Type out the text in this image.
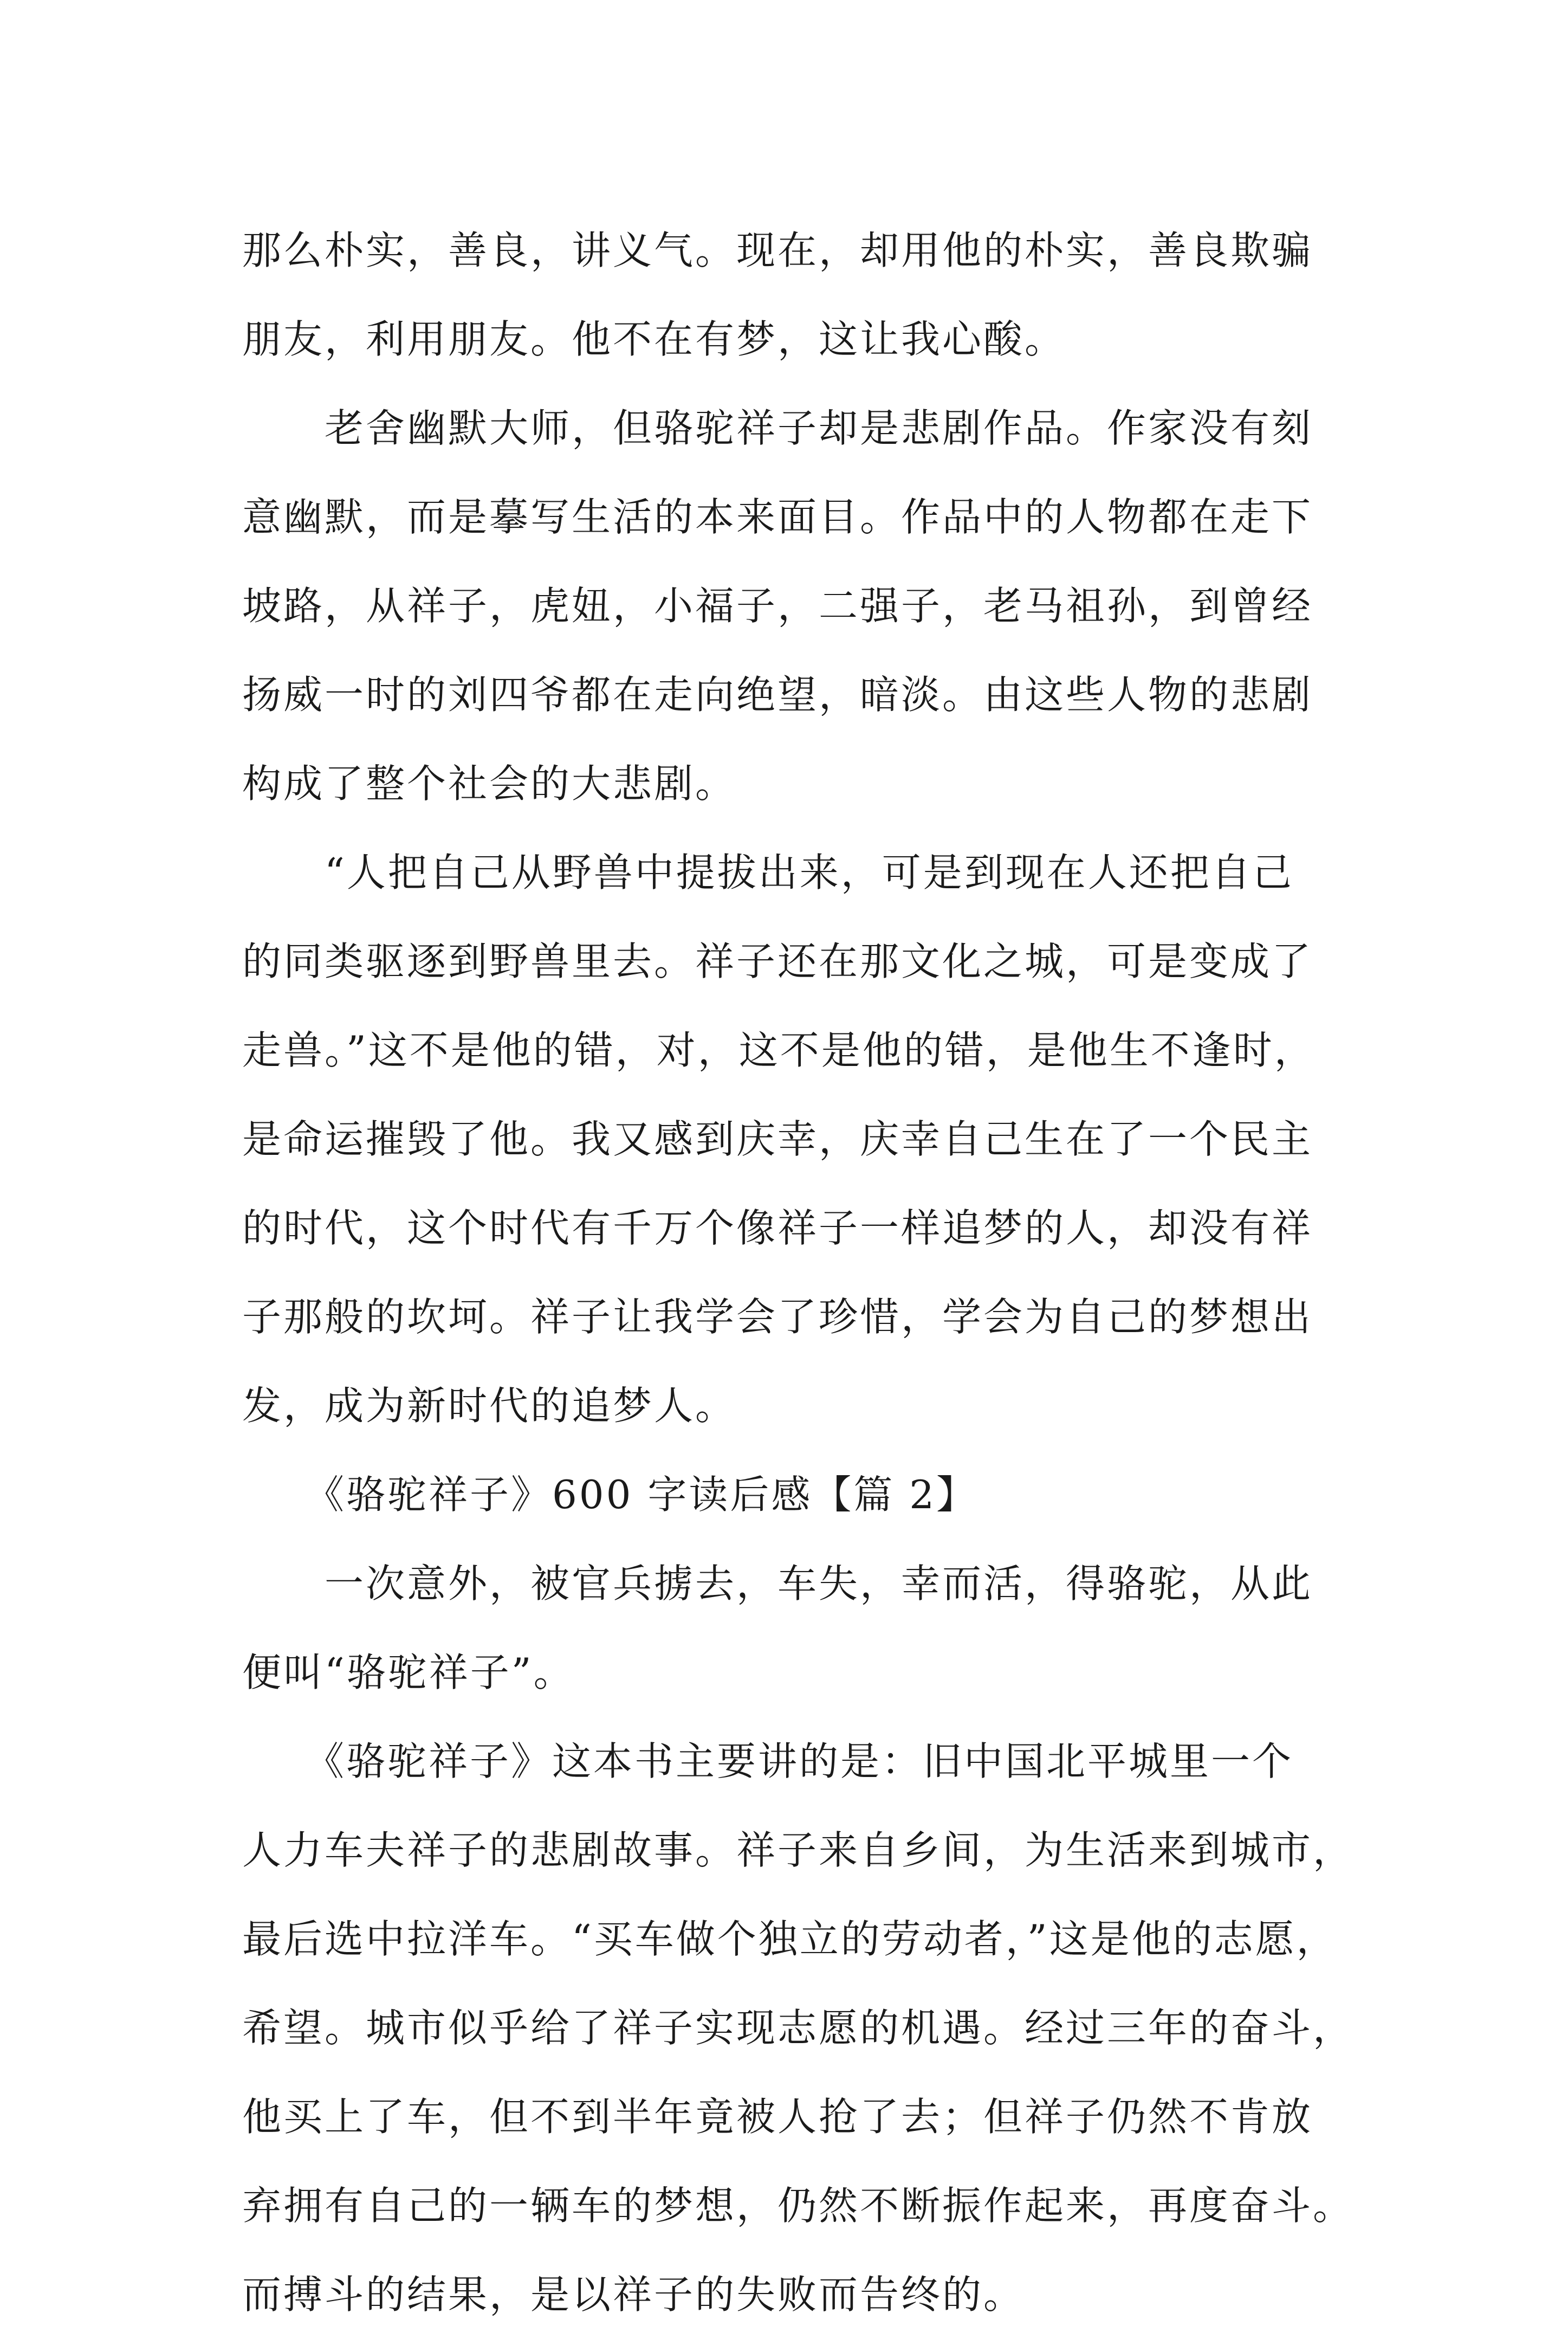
那么朴实，善良，讲义气。现在，却用他的朴实，善良欺骗
朋友，利用朋友。他不在有梦，这让我心酸。
　　老舍幽默大师，但骆驼祥子却是悲剧作品。作家没有刻
意幽默，而是摹写生活的本来面目。作品中的人物都在走下
坡路，从祥子，虎妞，小福子，二强子，老马祖孙，到曾经
扬威一时的刘四爷都在走向绝望，暗淡。由这些人物的悲剧
构成了整个社会的大悲剧。
　　“人把自己从野兽中提拔出来，可是到现在人还把自己
的同类驱逐到野兽里去。祥子还在那文化之城，可是变成了
走兽。”这不是他的错，对，这不是他的错，是他生不逢时，
是命运摧毁了他。我又感到庆幸，庆幸自己生在了一个民主
的时代，这个时代有千万个像祥子一样追梦的人，却没有祥
子那般的坎坷。祥子让我学会了珍惜，学会为自己的梦想出
发，成为新时代的追梦人。
　　《骆驼祥子》600 字读后感【篇 2】
　　一次意外，被官兵掳去，车失，幸而活，得骆驼，从此
便叫“骆驼祥子”。
　　《骆驼祥子》这本书主要讲的是：旧中国北平城里一个
人力车夫祥子的悲剧故事。祥子来自乡间，为生活来到城市，
最后选中拉洋车。“买车做个独立的劳动者，”这是他的志愿，
希望。城市似乎给了祥子实现志愿的机遇。经过三年的奋斗，
他买上了车，但不到半年竟被人抢了去；但祥子仍然不肯放
弃拥有自己的一辆车的梦想，仍然不断振作起来，再度奋斗。
而搏斗的结果，是以祥子的失败而告终的。
